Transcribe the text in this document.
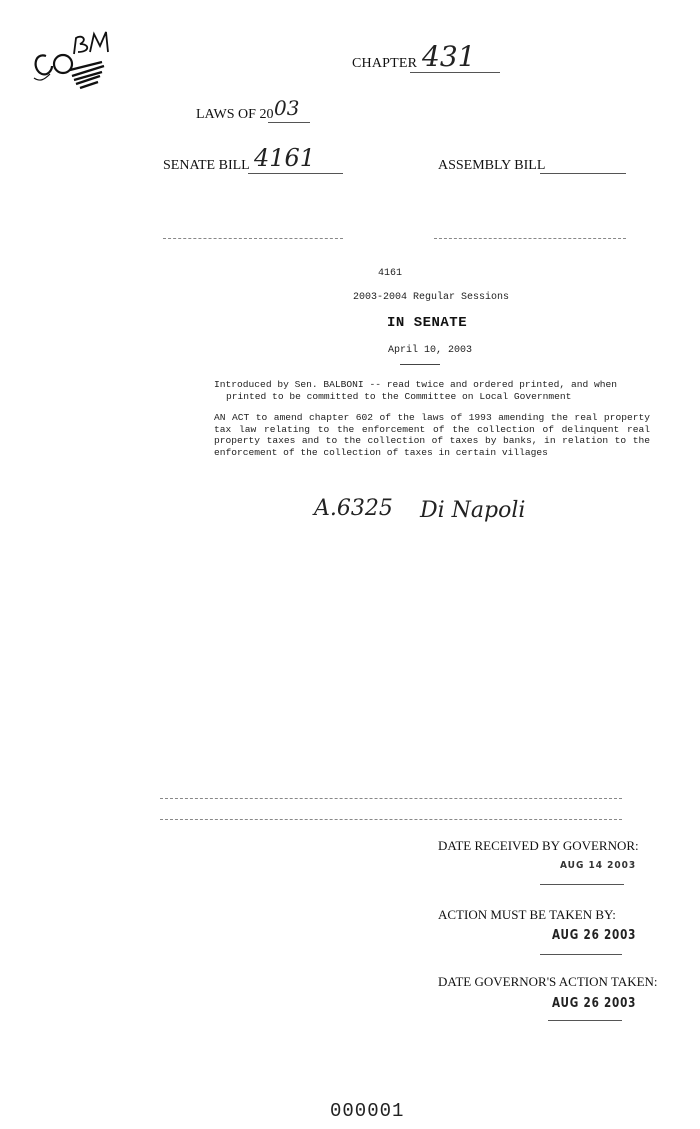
CHAPTER 431
LAWS OF 20 03
SENATE BILL 4161	ASSEMBLY BILL
4161
2003-2004 Regular Sessions
IN SENATE
April 10, 2003
Introduced by Sen. BALBONI -- read twice and ordered printed, and when
printed to be committed to the Committee on Local Government
AN ACT to amend chapter 602 of the laws of 1993 amending the real property tax law relating to the enforcement of the collection of delinquent real property taxes and to the collection of taxes by banks, in relation to the enforcement of the collection of taxes in certain villages
A.6325 Di Napoli
DATE RECEIVED BY GOVERNOR:
AUG 14 2003
ACTION MUST BE TAKEN BY:
AUG 26 2003
DATE GOVERNOR'S ACTION TAKEN:
AUG 26 2003
000001
